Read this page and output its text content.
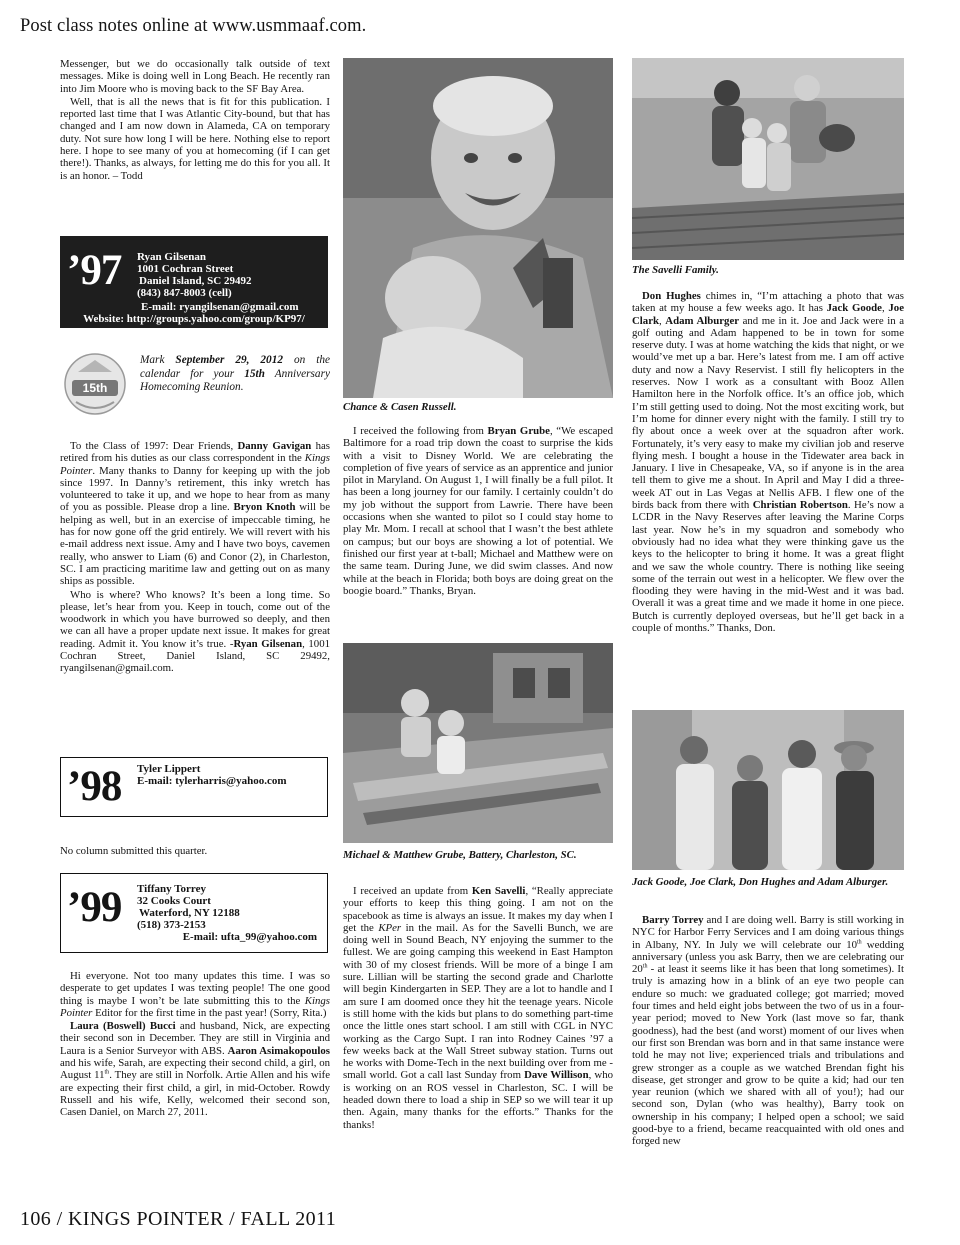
Post class notes online at www.usmmaaf.com.

Messenger, but we do occasionally talk outside of text messages. Mike is doing well in Long Beach. He recently ran into Jim Moore who is moving back to the SF Bay Area.

Well, that is all the news that is fit for this publication. I reported last time that I was Atlantic City-bound, but that has changed and I am now down in Alameda, CA on temporary duty. Not sure how long I will be here. Nothing else to report here. I hope to see many of you at homecoming (if I can get there!). Thanks, as always, for letting me do this for you all. It is an honor. – Todd

’97 Ryan Gilsenan
1001 Cochran Street
Daniel Island, SC 29492
(843) 847-8003 (cell)
E-mail: ryangilsenan@gmail.com
Website: http://groups.yahoo.com/group/KP97/
15th
Mark September 29, 2012 on the calendar for your 15th Anniversary Homecoming Reunion.

To the Class of 1997: Dear Friends, Danny Gavigan has retired from his duties as our class correspondent in the Kings Pointer. Many thanks to Danny for keeping up with the job since 1997. In Danny’s retirement, this inky wretch has volunteered to take it up, and we hope to hear from as many of you as possible. Please drop a line. Bryon Knoth will be helping as well, but in an exercise of impeccable timing, he has for now gone off the grid entirely. We will revert with his e-mail address next issue. Amy and I have two boys, cavemen really, who answer to Liam (6) and Conor (2), in Charleston, SC. I am practicing maritime law and getting out on as many ships as possible.

Who is where? Who knows? It’s been a long time. So please, let’s hear from you. Keep in touch, come out of the woodwork in which you have burrowed so deeply, and then we can all have a proper update next issue. It makes for great reading. Admit it. You know it’s true. -Ryan Gilsenan, 1001 Cochran Street, Daniel Island, SC 29492, ryangilsenan@gmail.com.

’98 Tyler Lippert
E-mail: tylerharris@yahoo.com

No column submitted this quarter.

’99 Tiffany Torrey
32 Cooks Court
Waterford, NY 12188
(518) 373-2153
E-mail: ufta_99@yahoo.com

Hi everyone. Not too many updates this time. I was so desperate to get updates I was texting people! The one good thing is maybe I won’t be late submitting this to the Kings Pointer Editor for the first time in the past year! (Sorry, Rita.)

Laura (Boswell) Bucci and husband, Nick, are expecting their second son in December. They are still in Virginia and Laura is a Senior Surveyor with ABS. Aaron Asimakopoulos and his wife, Sarah, are expecting their second child, a girl, on August 11th. They are still in Norfolk. Artie Allen and his wife are expecting their first child, a girl, in mid-October. Rowdy Russell and his wife, Kelly, welcomed their second son, Casen Daniel, on March 27, 2011.

Chance & Casen Russell.

I received the following from Bryan Grube, “We escaped Baltimore for a road trip down the coast to surprise the kids with a visit to Disney World. We are celebrating the completion of five years of service as an apprentice and junior pilot in Maryland. On August 1, I will finally be a full pilot. It has been a long journey for our family. I certainly couldn’t do my job without the support from Lawrie. There have been occasions when she wanted to pilot so I could stay home to play Mr. Mom. I recall at school that I wasn’t the best athlete on campus; but our boys are showing a lot of potential. We finished our first year at t-ball; Michael and Matthew were on the same team. During June, we did swim classes. And now while at the beach in Florida; both boys are doing great on the boogie board.” Thanks, Bryan.

Michael & Matthew Grube, Battery, Charleston, SC.

I received an update from Ken Savelli, “Really appreciate your efforts to keep this thing going. I am not on the spacebook as time is always an issue. It makes my day when I get the KPer in the mail. As for the Savelli Bunch, we are doing well in Sound Beach, NY enjoying the summer to the fullest. We are going camping this weekend in East Hampton with 30 of my closest friends. Will be more of a binge I am sure. Lillian will be starting the second grade and Charlotte will begin Kindergarten in SEP. They are a lot to handle and I am sure I am doomed once they hit the teenage years. Nicole is still home with the kids but plans to do something part-time once the little ones start school. I am still with CGL in NYC working as the Cargo Supt. I ran into Rodney Caines ’97 a few weeks back at the Wall Street subway station. Turns out he works with Dome-Tech in the next building over from me - small world. Got a call last Sunday from Dave Willison, who is working on an ROS vessel in Charleston, SC. I will be headed down there to load a ship in SEP so we will tear it up then. Again, many thanks for the efforts.” Thanks for the thanks!

The Savelli Family.

Don Hughes chimes in, “I’m attaching a photo that was taken at my house a few weeks ago. It has Jack Goode, Joe Clark, Adam Alburger and me in it. Joe and Jack were in a golf outing and Adam happened to be in town for some reserve duty. I was at home watching the kids that night, or we would’ve met up a bar. Here’s latest from me. I am off active duty and now a Navy Reservist. I still fly helicopters in the reserves. Now I work as a consultant with Booz Allen Hamilton here in the Norfolk office. It’s an office job, which I’m still getting used to doing. Not the most exciting work, but I’m home for dinner every night with the family. I still try to fly about once a week over at the squadron after work. Fortunately, it’s very easy to make my civilian job and reserve flying mesh. I bought a house in the Tidewater area back in January. I live in Chesapeake, VA, so if anyone is in the area tell them to give me a shout. In April and May I did a three-week AT out in Las Vegas at Nellis AFB. I flew one of the birds back from there with Christian Robertson. He’s now a LCDR in the Navy Reserves after leaving the Marine Corps last year. Now he’s in my squadron and somebody who obviously had no idea what they were thinking gave us the keys to the helicopter to bring it home. It was a great flight and we saw the whole country. There is nothing like seeing some of the terrain out west in a helicopter. We flew over the flooding they were having in the mid-West and it was bad. Overall it was a great time and we made it home in one piece. Butch is currently deployed overseas, but he’ll get back in a couple of months.” Thanks, Don.

Jack Goode, Joe Clark, Don Hughes and Adam Alburger.

Barry Torrey and I are doing well. Barry is still working in NYC for Harbor Ferry Services and I am doing various things in Albany, NY. In July we will celebrate our 10th wedding anniversary (unless you ask Barry, then we are celebrating our 20th - at least it seems like it has been that long sometimes). It truly is amazing how in a blink of an eye two people can endure so much: we graduated college; got married; moved four times and held eight jobs between the two of us in a four-year period; moved to New York (last move so far, thank goodness), had the best (and worst) moment of our lives when our first son Brendan was born and in that same instance were told he may not live; experienced trials and tribulations and grew stronger as a couple as we watched Brendan fight his disease, get stronger and grow to be quite a kid; had our ten year reunion (which we shared with all of you!); had our second son, Dylan (who was healthy), Barry took on ownership in his company; I helped open a school; we said good-bye to a friend, became reacquainted with old ones and forged new

106 / KINGS POINTER / FALL 2011
